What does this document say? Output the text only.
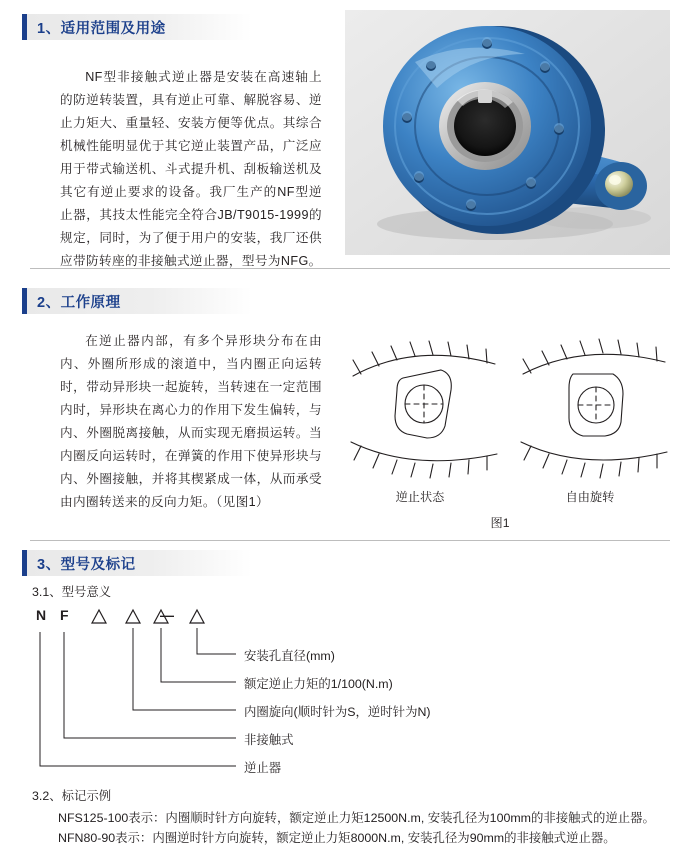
1、适用范围及用途
NF型非接触式逆止器是安装在高速轴上的防逆转装置，具有逆止可靠、解脱容易、逆止力矩大、重量轻、安装方便等优点。其综合机械性能明显优于其它逆止装置产品，广泛应用于带式输送机、斗式提升机、刮板输送机及其它有逆止要求的设备。我厂生产的NF型逆止器，其技太性能完全符合JB/T9015-1999的规定，同时，为了便于用户的安装，我厂还供应带防转座的非接触式逆止器，型号为NFG。
2、工作原理
在逆止器内部，有多个异形块分布在由内、外圈所形成的滚道中，当内圈正向运转时，带动异形块一起旋转，当转速在一定范围内时，异形块在离心力的作用下发生偏转，与内、外圈脱离接触，从而实现无磨损运转。当内圈反向运转时，在弹簧的作用下使异形块与内、外圈接触，并将其楔紧成一体，从而承受由内圈转送来的反向力矩。（见图1）	逆止状态	自由旋转
图1
3、型号及标记
3.1、型号意义
N F	—
安装孔直径(mm)
额定逆止力矩的1/100(N.m)
内圈旋向(顺时针为S，逆时针为N)
非接触式
逆止器
3.2、标记示例
NFS125-100表示：内圈顺时针方向旋转，额定逆止力矩12500N.m, 安装孔径为100mm的非接触式的逆止器。
NFN80-90表示：内圈逆时针方向旋转，额定逆止力矩8000N.m, 安装孔径为90mm的非接触式逆止器。
